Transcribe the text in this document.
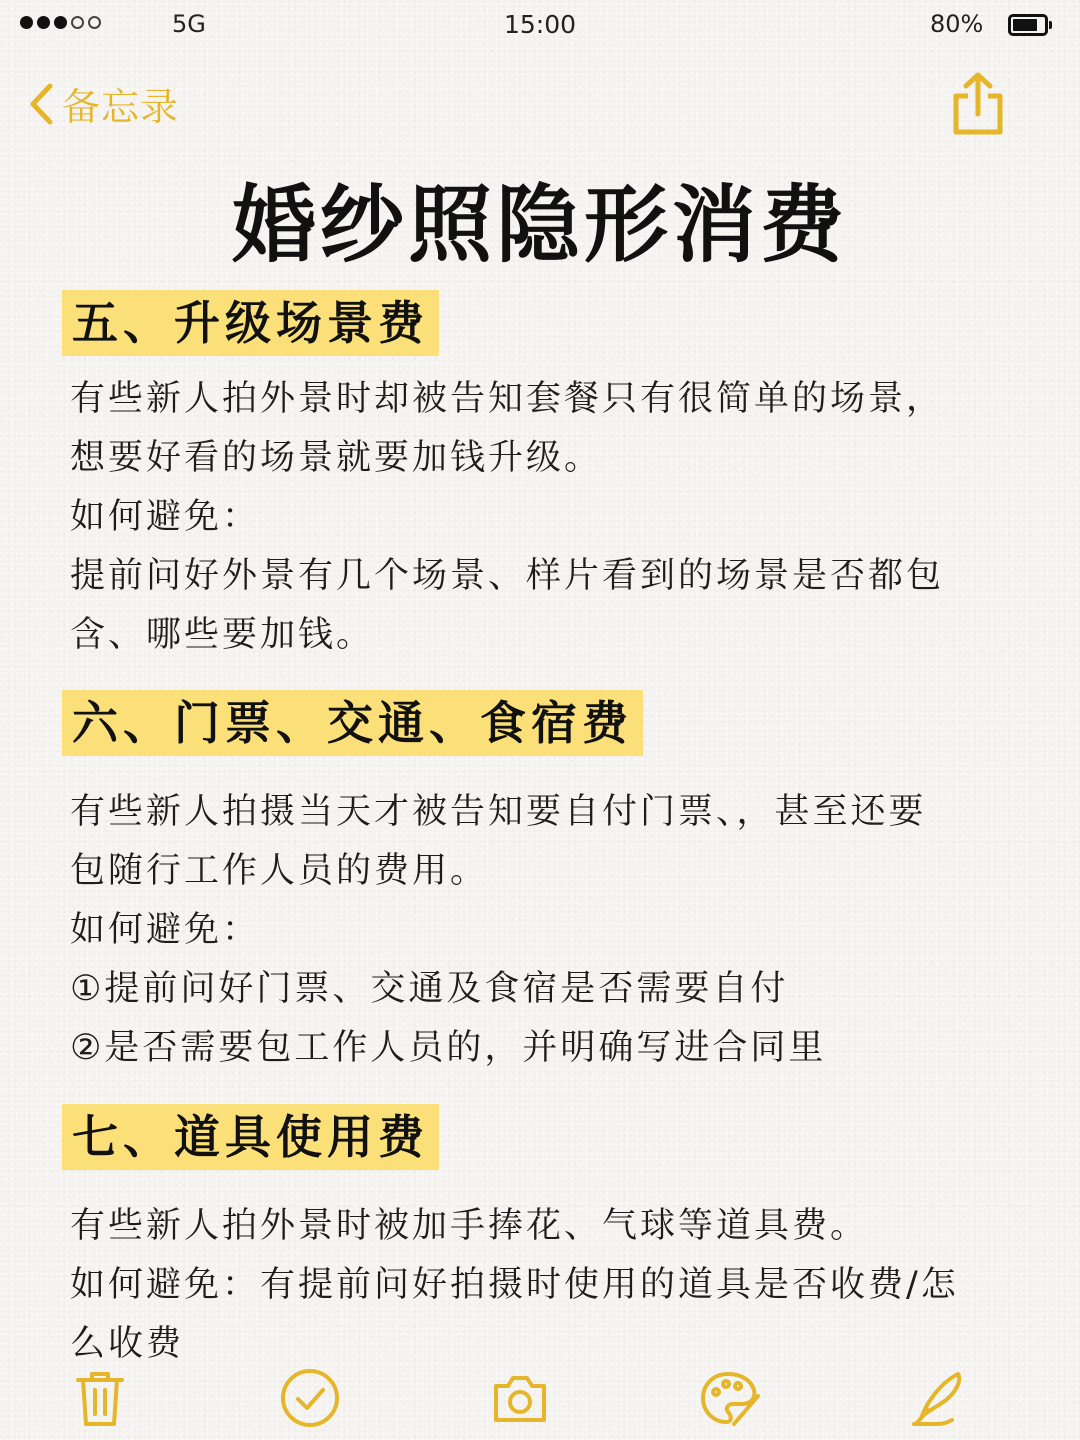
5G	15:00	80%
备忘录
婚纱照隐形消费
五、升级场景费
有些新人拍外景时却被告知套餐只有很简单的场景，
想要好看的场景就要加钱升级。
如何避免：
提前问好外景有几个场景、样片看到的场景是否都包
含、哪些要加钱。
六、门票、交通、食宿费
有些新人拍摄当天才被告知要自付门票、，甚至还要
包随行工作人员的费用。
如何避免：
①提前问好门票、交通及食宿是否需要自付
②是否需要包工作人员的，并明确写进合同里
七、道具使用费
有些新人拍外景时被加手捧花、气球等道具费。
如何避免：有提前问好拍摄时使用的道具是否收费/怎
么收费
